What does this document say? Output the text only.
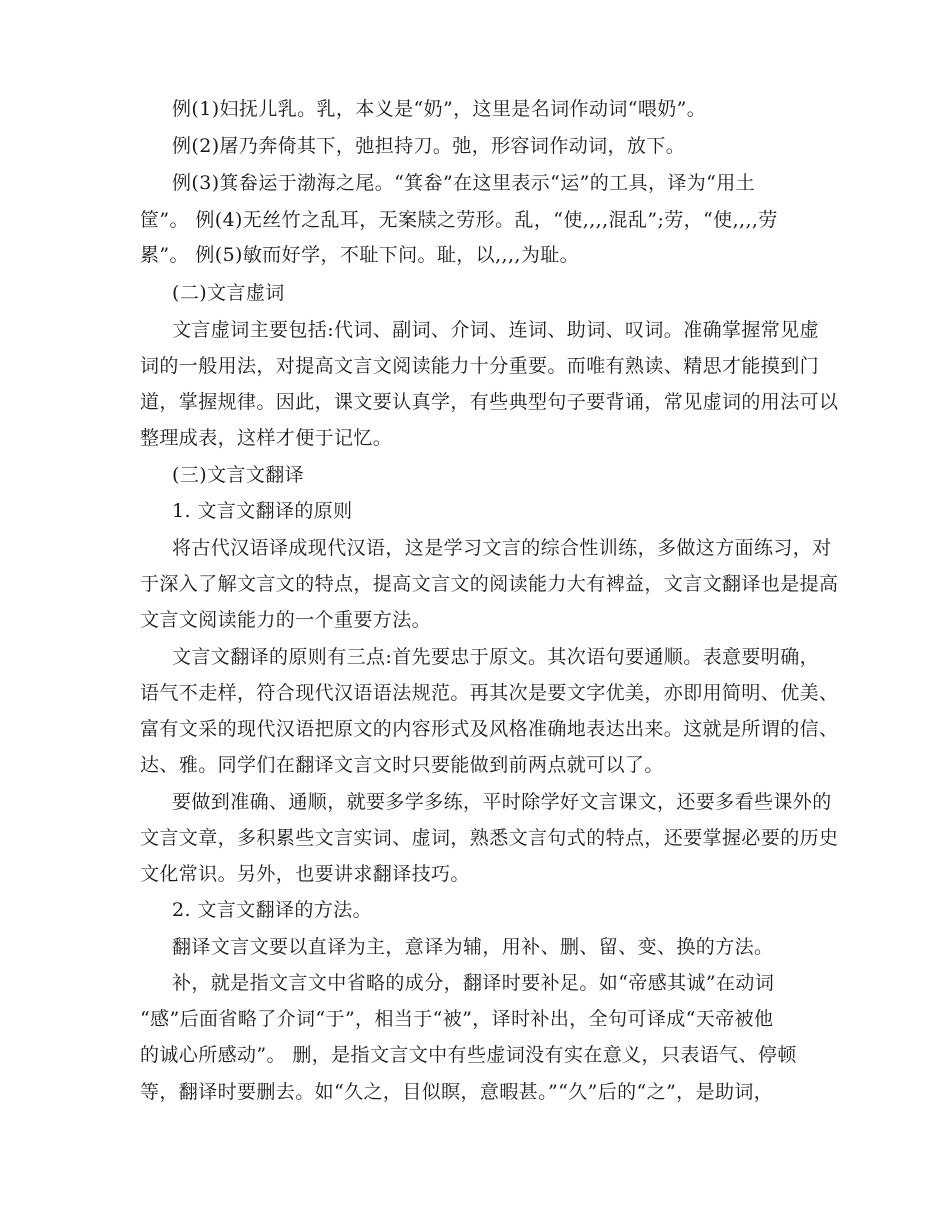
例(1)妇抚儿乳。乳，本义是“奶”，这里是名词作动词“喂奶”。
例(2)屠乃奔倚其下，弛担持刀。弛，形容词作动词，放下。
例(3)箕畚运于渤海之尾。“箕畚”在这里表示“运”的工具，译为“用土
筐”。 例(4)无丝竹之乱耳，无案牍之劳形。乱，“使,,,,混乱”;劳，“使,,,,劳
累”。 例(5)敏而好学，不耻下问。耻，以,,,,为耻。
(二)文言虚词
文言虚词主要包括:代词、副词、介词、连词、助词、叹词。准确掌握常见虚
词的一般用法，对提高文言文阅读能力十分重要。而唯有熟读、精思才能摸到门
道，掌握规律。因此，课文要认真学，有些典型句子要背诵，常见虚词的用法可以
整理成表，这样才便于记忆。
(三)文言文翻译
1. 文言文翻译的原则
将古代汉语译成现代汉语，这是学习文言的综合性训练，多做这方面练习，对
于深入了解文言文的特点，提高文言文的阅读能力大有裨益，文言文翻译也是提高
文言文阅读能力的一个重要方法。
文言文翻译的原则有三点:首先要忠于原文。其次语句要通顺。表意要明确，
语气不走样，符合现代汉语语法规范。再其次是要文字优美，亦即用简明、优美、
富有文采的现代汉语把原文的内容形式及风格准确地表达出来。这就是所谓的信、
达、雅。同学们在翻译文言文时只要能做到前两点就可以了。
要做到准确、通顺，就要多学多练，平时除学好文言课文，还要多看些课外的
文言文章，多积累些文言实词、虚词，熟悉文言句式的特点，还要掌握必要的历史
文化常识。另外，也要讲求翻译技巧。
2. 文言文翻译的方法。
翻译文言文要以直译为主，意译为辅，用补、删、留、变、换的方法。
补，就是指文言文中省略的成分，翻译时要补足。如“帝感其诚”在动词
“感”后面省略了介词“于”，相当于“被”，译时补出，全句可译成“天帝被他
的诚心所感动”。 删，是指文言文中有些虚词没有实在意义，只表语气、停顿
等，翻译时要删去。如“久之，目似瞑，意暇甚。”“久”后的“之”，是助词，
